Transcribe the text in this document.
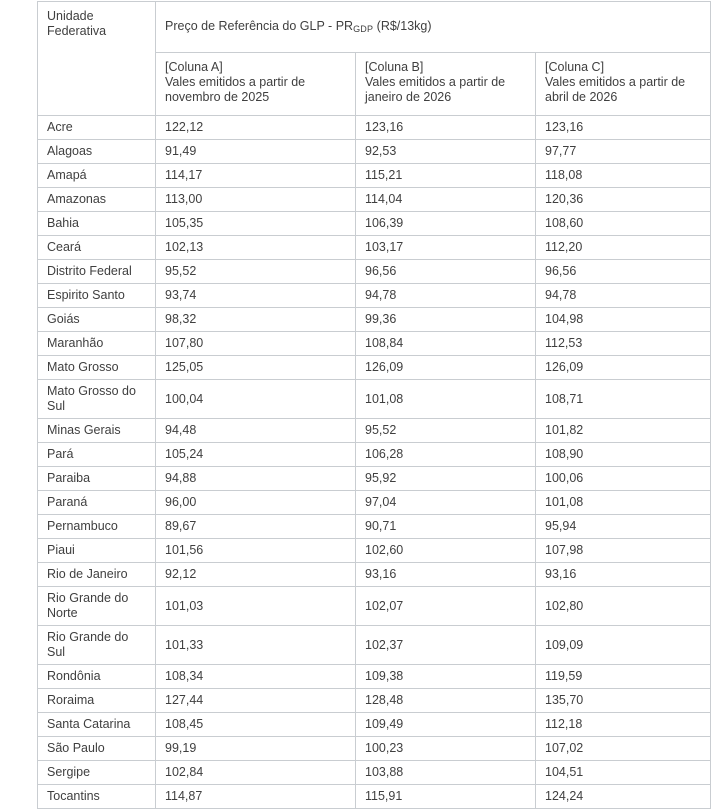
Unidade
Federativa	Preço de Referência do GLP - PRGDP (R$/13kg)		

	[Coluna A]
Vales emitidos a partir de
novembro de 2025	[Coluna B]
Vales emitidos a partir de
janeiro de 2026	[Coluna C]
Vales emitidos a partir de
abril de 2026

Acre	122,12	123,16	123,16
Alagoas	91,49	92,53	97,77
Amapá	114,17	115,21	118,08
Amazonas	113,00	114,04	120,36
Bahia	105,35	106,39	108,60
Ceará	102,13	103,17	112,20
Distrito Federal	95,52	96,56	96,56
Espirito Santo	93,74	94,78	94,78
Goiás	98,32	99,36	104,98
Maranhão	107,80	108,84	112,53
Mato Grosso	125,05	126,09	126,09
Mato Grosso do Sul	100,04	101,08	108,71
Minas Gerais	94,48	95,52	101,82
Pará	105,24	106,28	108,90
Paraiba	94,88	95,92	100,06
Paraná	96,00	97,04	101,08
Pernambuco	89,67	90,71	95,94
Piaui	101,56	102,60	107,98
Rio de Janeiro	92,12	93,16	93,16
Rio Grande do Norte	101,03	102,07	102,80
Rio Grande do Sul	101,33	102,37	109,09
Rondônia	108,34	109,38	119,59
Roraima	127,44	128,48	135,70
Santa Catarina	108,45	109,49	112,18
São Paulo	99,19	100,23	107,02
Sergipe	102,84	103,88	104,51
Tocantins	114,87	115,91	124,24
